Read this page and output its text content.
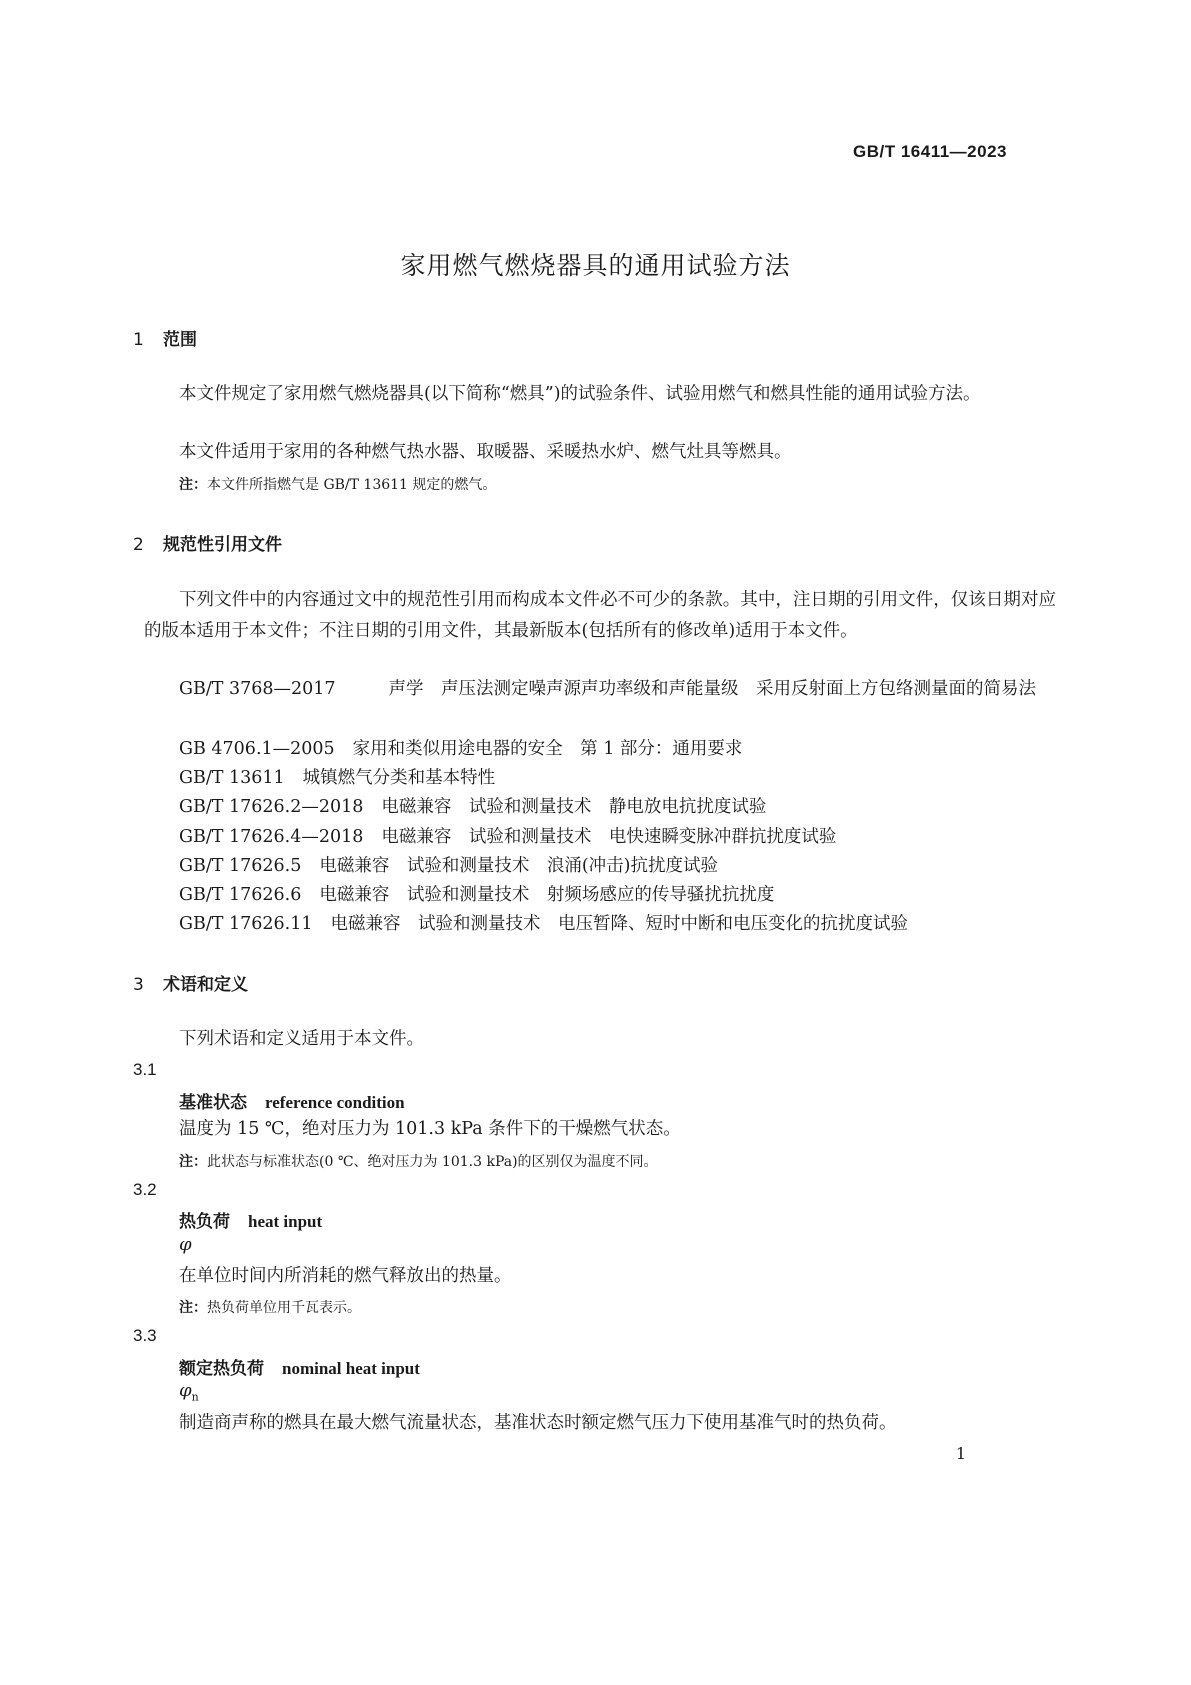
GB/T 16411—2023
家用燃气燃烧器具的通用试验方法
1 范围
本文件规定了家用燃气燃烧器具(以下简称“燃具”)的试验条件、试验用燃气和燃具性能的通用试验方法。
本文件适用于家用的各种燃气热水器、取暖器、采暖热水炉、燃气灶具等燃具。
注：本文件所指燃气是 GB/T 13611 规定的燃气。
2 规范性引用文件
下列文件中的内容通过文中的规范性引用而构成本文件必不可少的条款。其中，注日期的引用文件，仅该日期对应的版本适用于本文件；不注日期的引用文件，其最新版本(包括所有的修改单)适用于本文件。
GB/T 3768—2017	声学　声压法测定噪声源声功率级和声能量级　采用反射面上方包络测量面的简易法
GB 4706.1—2005 家用和类似用途电器的安全　第 1 部分：通用要求
GB/T 13611 城镇燃气分类和基本特性
GB/T 17626.2—2018 电磁兼容　试验和测量技术　静电放电抗扰度试验
GB/T 17626.4—2018 电磁兼容　试验和测量技术　电快速瞬变脉冲群抗扰度试验
GB/T 17626.5 电磁兼容　试验和测量技术　浪涌(冲击)抗扰度试验
GB/T 17626.6 电磁兼容　试验和测量技术　射频场感应的传导骚扰抗扰度
GB/T 17626.11 电磁兼容　试验和测量技术　电压暂降、短时中断和电压变化的抗扰度试验
3 术语和定义
下列术语和定义适用于本文件。
3.1
基准状态 reference condition
温度为 15 ℃，绝对压力为 101.3 kPa 条件下的干燥燃气状态。
注：此状态与标准状态(0 ℃、绝对压力为 101.3 kPa)的区别仅为温度不同。
3.2
热负荷 heat input
φ
在单位时间内所消耗的燃气释放出的热量。
注：热负荷单位用千瓦表示。
3.3
额定热负荷 nominal heat input
$\varphi_n$
制造商声称的燃具在最大燃气流量状态，基准状态时额定燃气压力下使用基准气时的热负荷。
1
